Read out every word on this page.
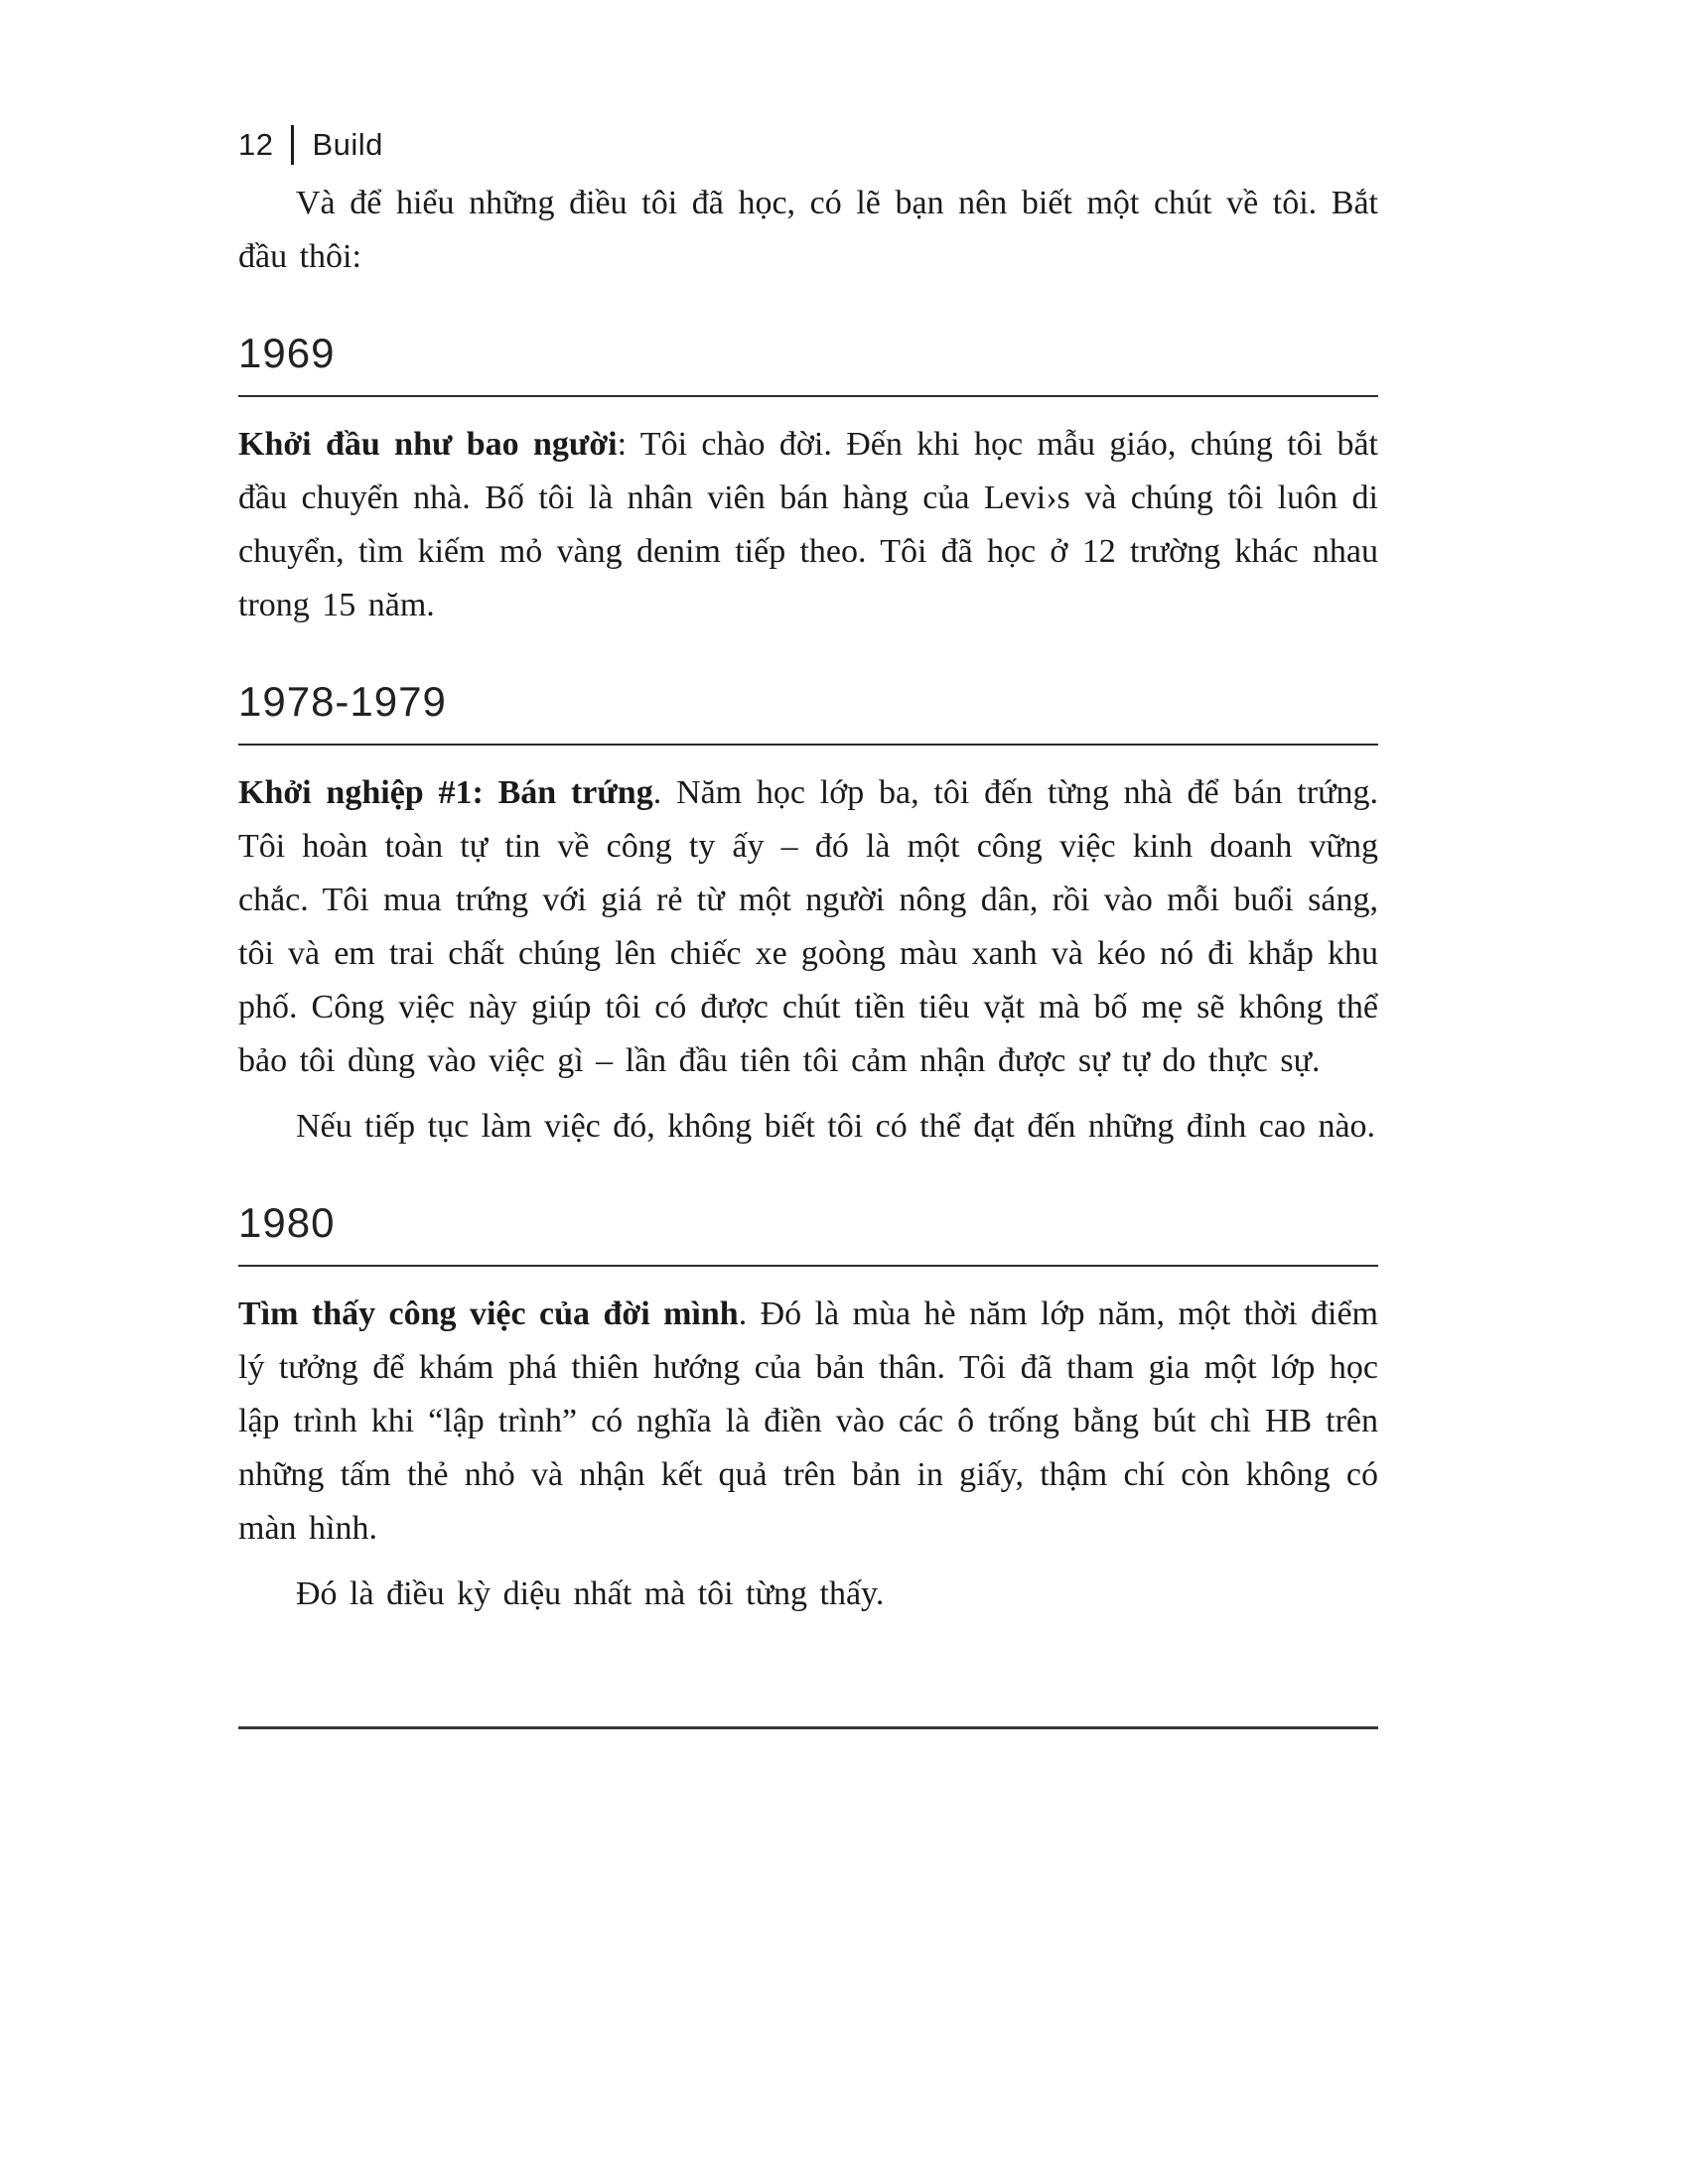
12 Build

Và để hiểu những điều tôi đã học, có lẽ bạn nên biết một chút về tôi. Bắt đầu thôi:

1969

Khởi đầu như bao người: Tôi chào đời. Đến khi học mẫu giáo, chúng tôi bắt đầu chuyển nhà. Bố tôi là nhân viên bán hàng của Levi›s và chúng tôi luôn di chuyển, tìm kiếm mỏ vàng denim tiếp theo. Tôi đã học ở 12 trường khác nhau trong 15 năm.

1978-1979

Khởi nghiệp #1: Bán trứng. Năm học lớp ba, tôi đến từng nhà để bán trứng. Tôi hoàn toàn tự tin về công ty ấy – đó là một công việc kinh doanh vững chắc. Tôi mua trứng với giá rẻ từ một người nông dân, rồi vào mỗi buổi sáng, tôi và em trai chất chúng lên chiếc xe goòng màu xanh và kéo nó đi khắp khu phố. Công việc này giúp tôi có được chút tiền tiêu vặt mà bố mẹ sẽ không thể bảo tôi dùng vào việc gì – lần đầu tiên tôi cảm nhận được sự tự do thực sự.

Nếu tiếp tục làm việc đó, không biết tôi có thể đạt đến những đỉnh cao nào.

1980

Tìm thấy công việc của đời mình. Đó là mùa hè năm lớp năm, một thời điểm lý tưởng để khám phá thiên hướng của bản thân. Tôi đã tham gia một lớp học lập trình khi “lập trình” có nghĩa là điền vào các ô trống bằng bút chì HB trên những tấm thẻ nhỏ và nhận kết quả trên bản in giấy, thậm chí còn không có màn hình.

Đó là điều kỳ diệu nhất mà tôi từng thấy.
